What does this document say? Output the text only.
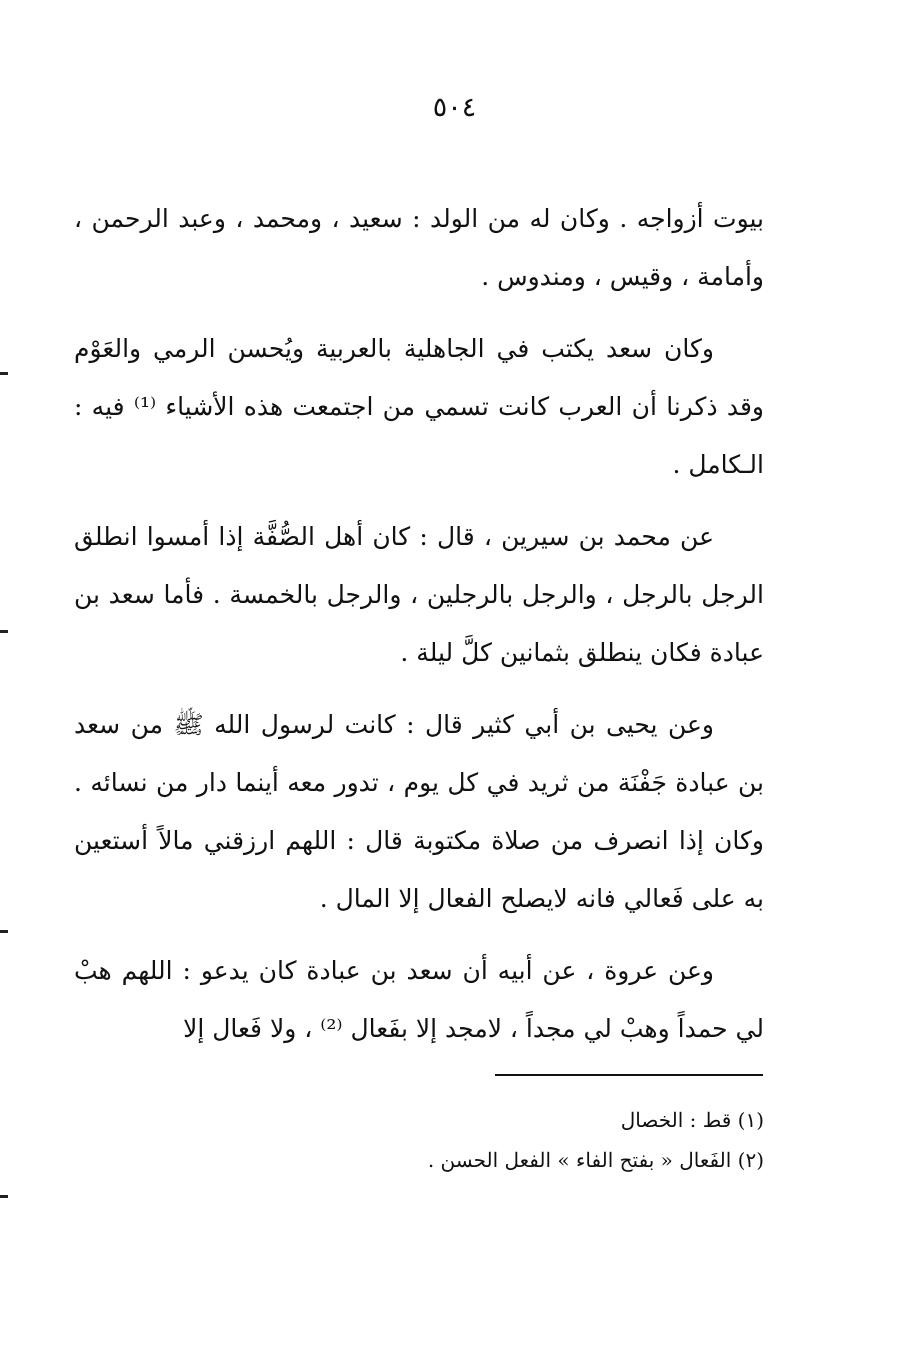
٥٠٤

بيوت أزواجه . وكان له من الولد : سعيد ، ومحمد ، وعبد الرحمن ، وأمامة ، وقيس ، ومندوس .

وكان سعد يكتب في الجاهلية بالعربية ويُحسن الرمي والعَوْم وقد ذكرنا أن العرب كانت تسمي من اجتمعت هذه الأشياء ⁽¹⁾ فيه : الـكامل .

عن محمد بن سيرين ، قال : كان أهل الصُّفَّة إذا أمسوا انطلق الرجل بالرجل ، والرجل بالرجلين ، والرجل بالخمسة . فأما سعد بن عبادة فكان ينطلق بثمانين كلَّ ليلة .

وعن يحيى بن أبي كثير قال : كانت لرسول الله ﷺ من سعد بن عبادة جَفْنَة من ثريد في كل يوم ، تدور معه أينما دار من نسائه . وكان إذا انصرف من صلاة مكتوبة قال : اللهم ارزقني مالاً أستعين به على فَعالي فانه لايصلح الفعال إلا المال .

وعن عروة ، عن أبيه أن سعد بن عبادة كان يدعو : اللهم هبْ لي حمداً وهبْ لي مجداً ، لامجد إلا بفَعال ⁽²⁾ ، ولا فَعال إلا

(١) قط : الخصال
(٢) الفَعال « بفتح الفاء » الفعل الحسن .
